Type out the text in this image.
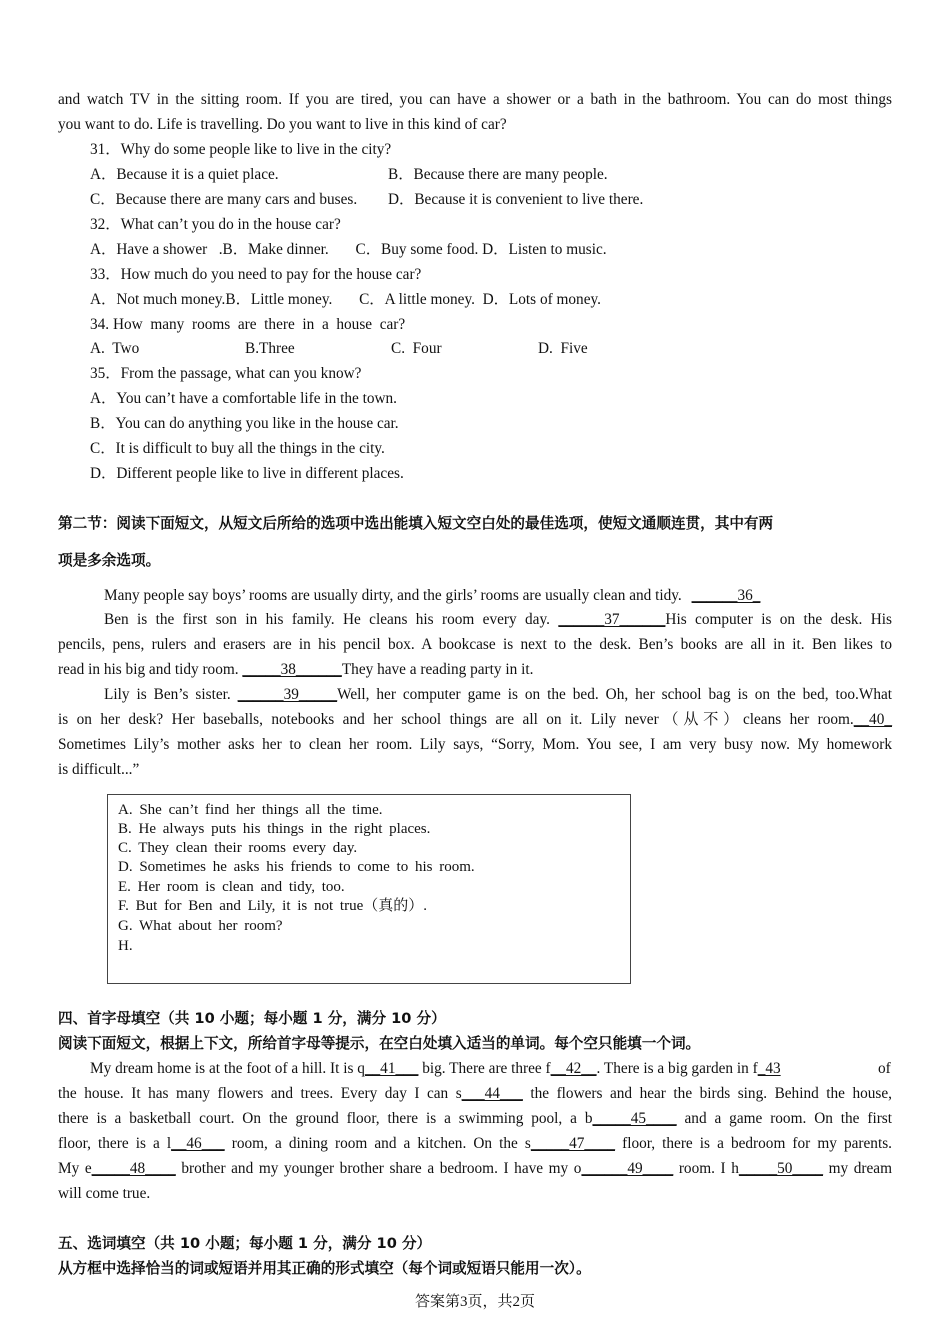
and watch TV in the sitting room. If you are tired, you can have a shower or a bath in the bathroom. You can do most things
you want to do. Life is travelling. Do you want to live in this kind of car?
31．Why do some people like to live in the city?
A．Because it is a quiet place.	B．Because there are many people.
C．Because there are many cars and buses. D．Because it is convenient to live there.
32．What can’t you do in the house car?
A．Have a shower   .B．Make dinner.       C．Buy some food. D．Listen to music.
33．How much do you need to pay for the house car?
A．Not much money.B．Little money.       C．A little money.  D．Lots of money.
34. How  many  rooms  are  there  in  a  house  car?
A.  Two	B.Three	C.  Four	D.  Five
35．From the passage, what can you know?
A．You can’t have a comfortable life in the town.
B．You can do anything you like in the house car.
C．It is difficult to buy all the things in the city.
D．Different people like to live in different places.
第二节：阅读下面短文，从短文后所给的选项中选出能填入短文空白处的最佳选项，使短文通顺连贯，其中有两
项是多余选项。
Many people say boys’ rooms are usually dirty, and the girls’ rooms are usually clean and tidy. ______36_
Ben is the first son in his family. He cleans his room every day. ______37______His computer is on the desk. His
pencils, pens, rulers and erasers are in his pencil box. A bookcase is next to the desk. Ben’s books are all in it. Ben likes to
read in his big and tidy room. _____38______They have a reading party in it.
Lily is Ben’s sister. ______39_____Well, her computer game is on the bed. Oh, her school bag is on the bed, too.What
is on her desk? Her baseballs, notebooks and her school things are all on it. Lily never（从不）cleans her room.__40_
Sometimes Lily’s mother asks her to clean her room. Lily says, “Sorry, Mom. You see, I am very busy now. My homework
is difficult...”
A. She can’t find her things all the time.
B. He always puts his things in the right places.
C. They clean their rooms every day.
D. Sometimes he asks his friends to come to his room.
E. Her room is clean and tidy, too.
F. But for Ben and Lily, it is not true（真的）.
G. What about her room?
H.
四、首字母填空（共 10 小题；每小题 1 分，满分 10 分）
阅读下面短文，根据上下文，所给首字母等提示，在空白处填入适当的单词。每个空只能填一个词。
My dream home is at the foot of a hill. It is q__41___ big. There are three f__42__. There is a big garden in f_43	of
the house. It has many flowers and trees. Every day I can s___44___ the flowers and hear the birds sing. Behind the house,
there is a basketball court. On the ground floor, there is a swimming pool, a b_____45____ and a game room. On the first
floor, there is a l__46___ room, a dining room and a kitchen. On the s_____47____ floor, there is a bedroom for my parents.
My e_____48____ brother and my younger brother share a bedroom. I have my o______49____ room. I h_____50____ my dream
will come true.
五、选词填空（共 10 小题；每小题 1 分，满分 10 分）
从方框中选择恰当的词或短语并用其正确的形式填空（每个词或短语只能用一次）。
答案第3页，共2页
